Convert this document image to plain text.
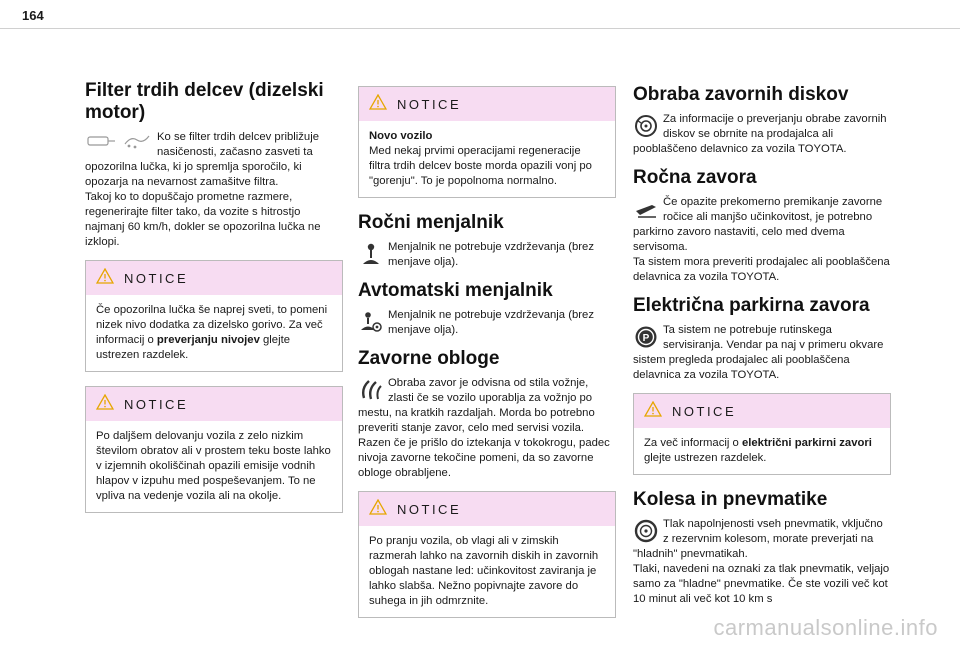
164
Filter trdih delcev (dizelski motor)

Ko se filter trdih delcev približuje nasičenosti, začasno zasveti ta opozorilna lučka, ki jo spremlja sporočilo, ki opozarja na nevarnost zamašitve filtra.

Takoj ko to dopuščajo prometne razmere, regenerirajte filter tako, da vozite s hitrostjo najmanj 60 km/h, dokler se opozorilna lučka ne izklopi.

NOTICE

Če opozorilna lučka še naprej sveti, to pomeni nizek nivo dodatka za dizelsko gorivo. Za več informacij o preverjanju nivojev glejte ustrezen razdelek.

NOTICE

Po daljšem delovanju vozila z zelo nizkim številom obratov ali v prostem teku boste lahko v izjemnih okoliščinah opazili emisije vodnih hlapov v izpuhu med pospeševanjem. To ne vpliva na vedenje vozila ali na okolje.

NOTICE

Novo vozilo

Med nekaj prvimi operacijami regeneracije filtra trdih delcev boste morda opazili vonj po "gorenju". To je popolnoma normalno.

Ročni menjalnik

Menjalnik ne potrebuje vzdrževanja (brez menjave olja).

Avtomatski menjalnik

Menjalnik ne potrebuje vzdrževanja (brez menjave olja).

Zavorne obloge

Obraba zavor je odvisna od stila vožnje, zlasti če se vozilo uporablja za vožnjo po mestu, na kratkih razdaljah. Morda bo potrebno preveriti stanje zavor, celo med servisi vozila.

Razen če je prišlo do iztekanja v tokokrogu, padec nivoja zavorne tekočine pomeni, da so zavorne obloge obrabljene.

NOTICE

Po pranju vozila, ob vlagi ali v zimskih razmerah lahko na zavornih diskih in zavornih oblogah nastane led: učinkovitost zaviranja je lahko slabša. Nežno popivnajte zavore do suhega in jih odmrznite.

Obraba zavornih diskov

Za informacije o preverjanju obrabe zavornih diskov se obrnite na prodajalca ali pooblaščeno delavnico za vozila TOYOTA.

Ročna zavora

Če opazite prekomerno premikanje zavorne ročice ali manjšo učinkovitost, je potrebno parkirno zavoro nastaviti, celo med dvema servisoma.

Ta sistem mora preveriti prodajalec ali pooblaščena delavnica za vozila TOYOTA.

Električna parkirna zavora
P

Ta sistem ne potrebuje rutinskega servisiranja. Vendar pa naj v primeru okvare sistem pregleda prodajalec ali pooblaščena delavnica za vozila TOYOTA.

NOTICE

Za več informacij o električni parkirni zavori glejte ustrezen razdelek.

Kolesa in pnevmatike

Tlak napolnjenosti vseh pnevmatik, vključno z rezervnim kolesom, morate preverjati na "hladnih" pnevmatikah.

Tlaki, navedeni na oznaki za tlak pnevmatik, veljajo samo za "hladne" pnevmatike. Če ste vozili več kot 10 minut ali več kot 10 km s

carmanualsonline.info
